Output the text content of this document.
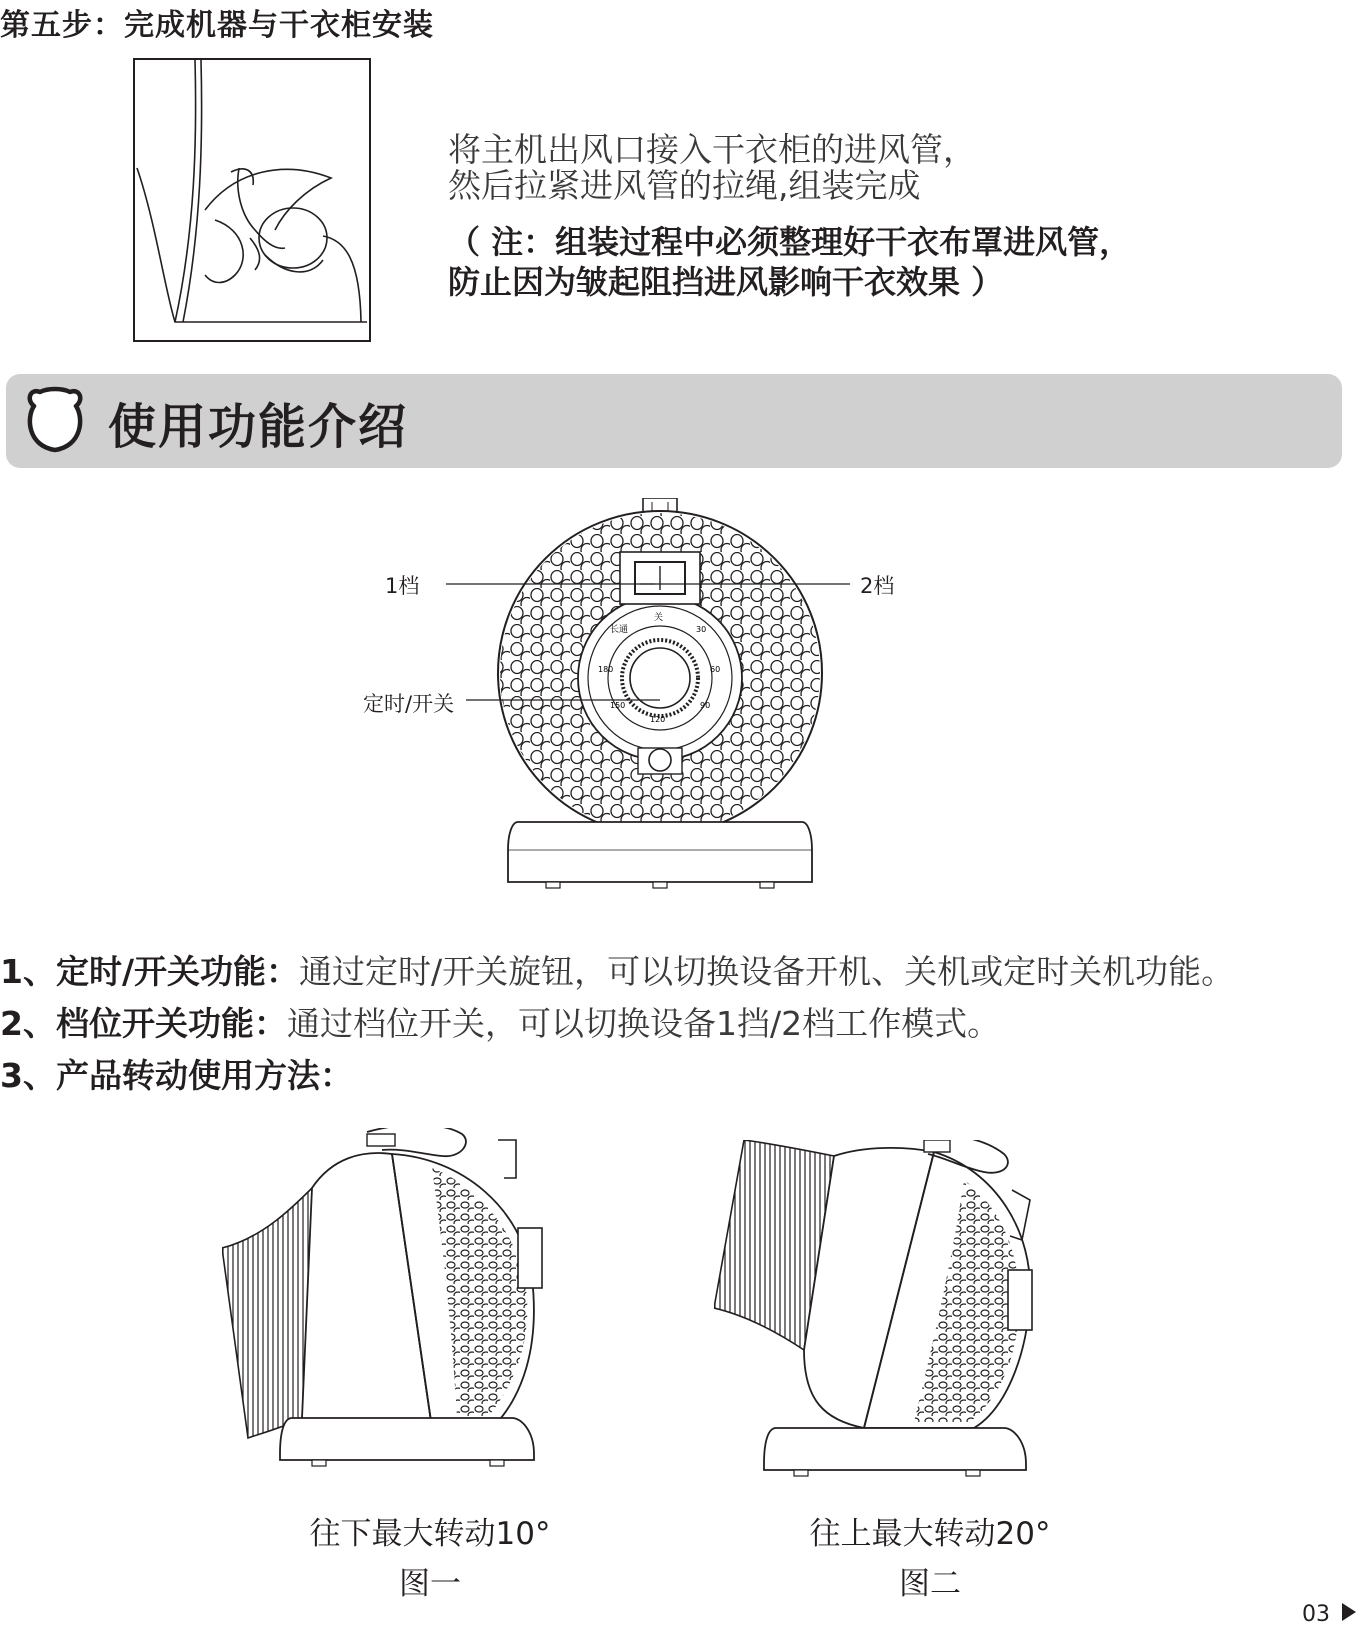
第五步：完成机器与干衣柜安装
将主机出风口接入干衣柜的进风管，
然后拉紧进风管的拉绳,组装完成
（ 注：组装过程中必须整理好干衣布罩进风管，
防止因为皱起阻挡进风影响干衣效果 ）
使用功能介绍
关
长通	30
60
90
120
150
180
1档	2档
定时/开关
1、定时/开关功能：通过定时/开关旋钮，可以切换设备开机、关机或定时关机功能。
2、档位开关功能：通过档位开关，可以切换设备1挡/2档工作模式。
3、产品转动使用方法：
往下最大转动10°
图一
往上最大转动20°
图二
03
